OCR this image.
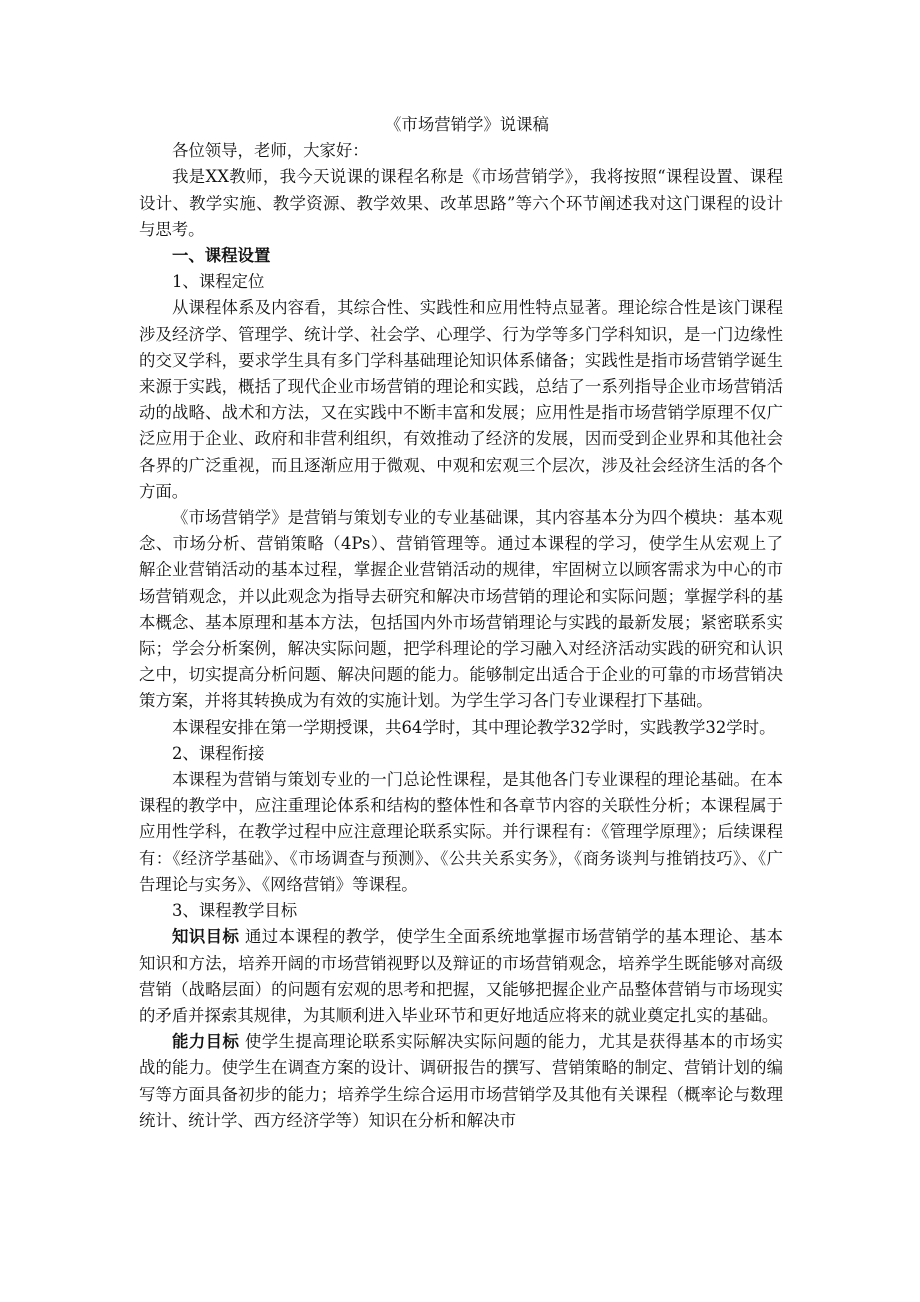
《市场营销学》说课稿

各位领导，老师，大家好：

我是XX教师，我今天说课的课程名称是《市场营销学》，我将按照“课程设置、课程设计、教学实施、教学资源、教学效果、改革思路”等六个环节阐述我对这门课程的设计与思考。

一、课程设置

1、课程定位

从课程体系及内容看，其综合性、实践性和应用性特点显著。理论综合性是该门课程涉及经济学、管理学、统计学、社会学、心理学、行为学等多门学科知识，是一门边缘性的交叉学科，要求学生具有多门学科基础理论知识体系储备；实践性是指市场营销学诞生来源于实践，概括了现代企业市场营销的理论和实践，总结了一系列指导企业市场营销活动的战略、战术和方法，又在实践中不断丰富和发展；应用性是指市场营销学原理不仅广泛应用于企业、政府和非营利组织，有效推动了经济的发展，因而受到企业界和其他社会各界的广泛重视，而且逐渐应用于微观、中观和宏观三个层次，涉及社会经济生活的各个方面。

《市场营销学》是营销与策划专业的专业基础课，其内容基本分为四个模块：基本观念、市场分析、营销策略（4Ps）、营销管理等。通过本课程的学习，使学生从宏观上了解企业营销活动的基本过程，掌握企业营销活动的规律，牢固树立以顾客需求为中心的市场营销观念，并以此观念为指导去研究和解决市场营销的理论和实际问题；掌握学科的基本概念、基本原理和基本方法，包括国内外市场营销理论与实践的最新发展；紧密联系实际；学会分析案例，解决实际问题，把学科理论的学习融入对经济活动实践的研究和认识之中，切实提高分析问题、解决问题的能力。能够制定出适合于企业的可靠的市场营销决策方案，并将其转换成为有效的实施计划。为学生学习各门专业课程打下基础。

本课程安排在第一学期授课，共64学时，其中理论教学32学时，实践教学32学时。

2、课程衔接

本课程为营销与策划专业的一门总论性课程，是其他各门专业课程的理论基础。在本课程的教学中，应注重理论体系和结构的整体性和各章节内容的关联性分析；本课程属于应用性学科，在教学过程中应注意理论联系实际。并行课程有：《管理学原理》；后续课程有：《经济学基础》、《市场调查与预测》、《公共关系实务》，《商务谈判与推销技巧》、《广告理论与实务》、《网络营销》等课程。

3、课程教学目标

知识目标 通过本课程的教学，使学生全面系统地掌握市场营销学的基本理论、基本知识和方法，培养开阔的市场营销视野以及辩证的市场营销观念，培养学生既能够对高级营销（战略层面）的问题有宏观的思考和把握，又能够把握企业产品整体营销与市场现实的矛盾并探索其规律，为其顺利进入毕业环节和更好地适应将来的就业奠定扎实的基础。

能力目标 使学生提高理论联系实际解决实际问题的能力，尤其是获得基本的市场实战的能力。使学生在调查方案的设计、调研报告的撰写、营销策略的制定、营销计划的编写等方面具备初步的能力；培养学生综合运用市场营销学及其他有关课程（概率论与数理统计、统计学、西方经济学等）知识在分析和解决市
